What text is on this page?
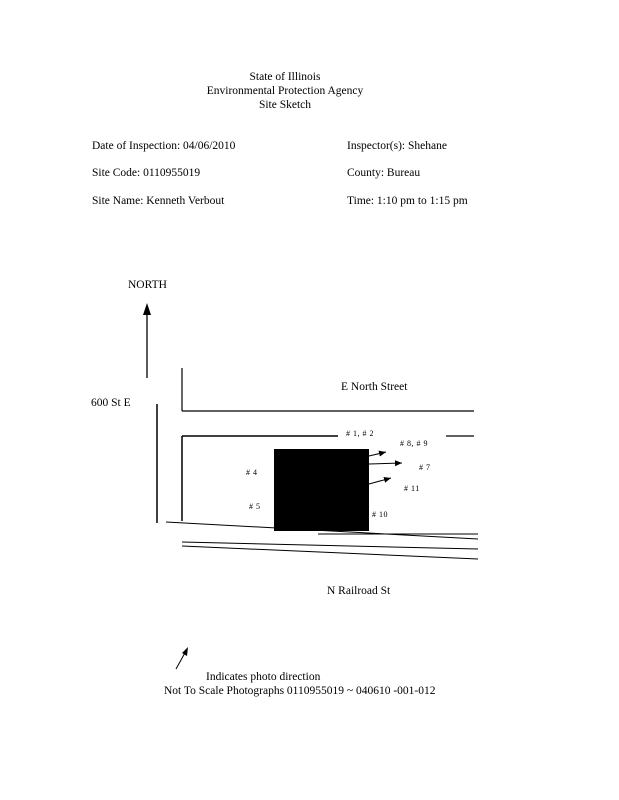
State of Illinois
Environmental Protection Agency
Site Sketch
Date of Inspection: 04/06/2010	Inspector(s): Shehane
Site Code: 0110955019	County: Bureau
Site Name: Kenneth Verbout	Time: 1:10 pm to 1:15 pm
NORTH
600 St E
E North Street
N Railroad St
# 1, # 2
# 8, # 9
# 7
# 11
# 4
# 5
# 10
Indicates photo direction
Not To Scale Photographs 0110955019 ~ 040610 -001-012
